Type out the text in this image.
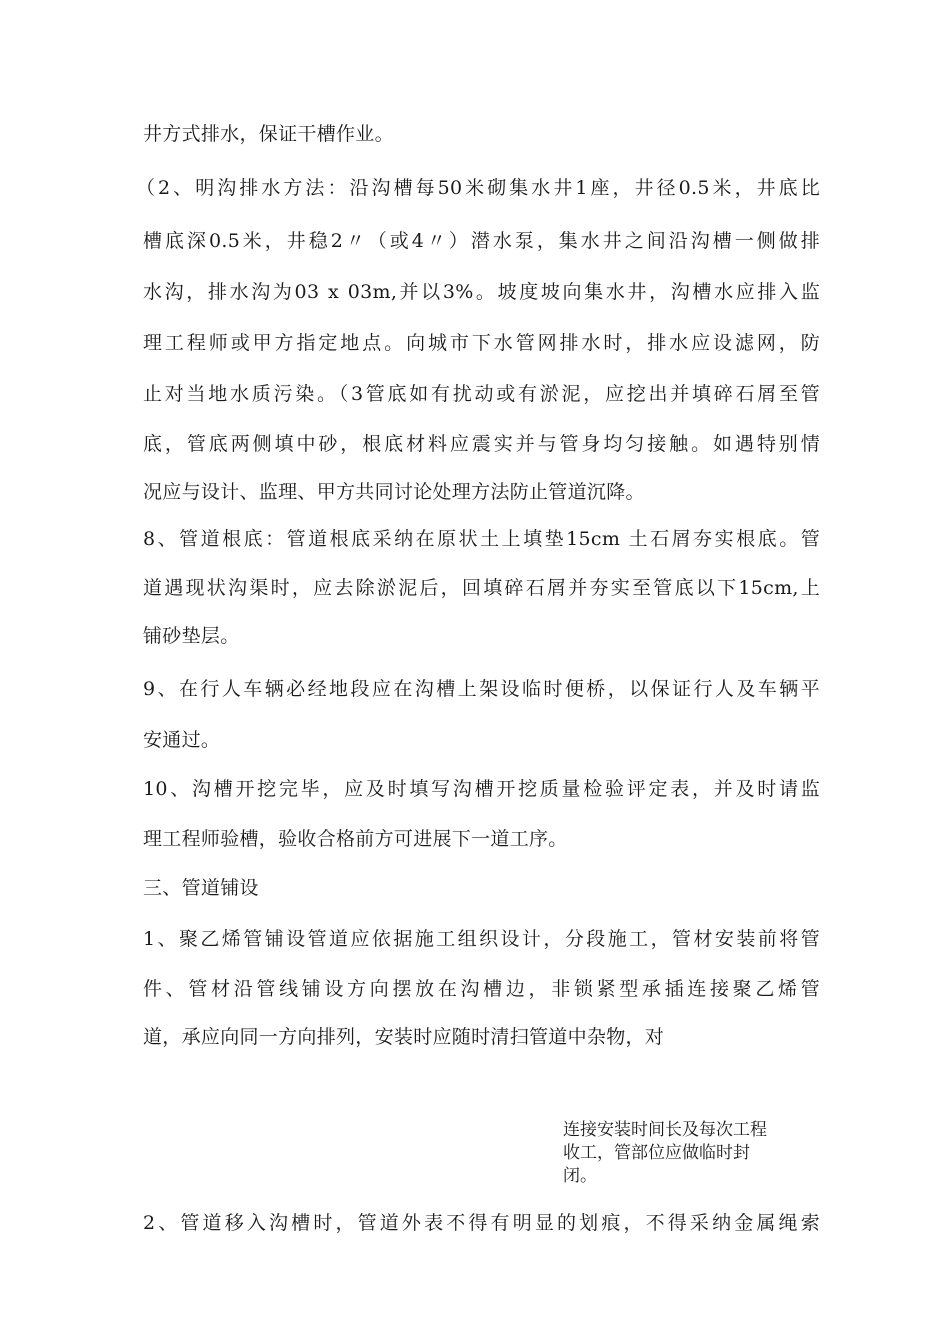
井方式排水，保证干槽作业。
（2、明沟排水方法：沿沟槽每50米砌集水井1座，井径0.5米，井底比
槽底深0.5米，井稳2〃（或4〃）潜水泵，集水井之间沿沟槽一侧做排
水沟，排水沟为03 x 03m,并以3%。坡度坡向集水井，沟槽水应排入监
理工程师或甲方指定地点。向城市下水管网排水时，排水应设滤网，防
止对当地水质污染。（3管底如有扰动或有淤泥，应挖出并填碎石屑至管
底，管底两侧填中砂，根底材料应震实并与管身均匀接触。如遇特别情
况应与设计、监理、甲方共同讨论处理方法防止管道沉降。
8、管道根底：管道根底采纳在原状土上填垫15cm 土石屑夯实根底。管
道遇现状沟渠时，应去除淤泥后，回填碎石屑并夯实至管底以下15cm,上
铺砂垫层。
9、在行人车辆必经地段应在沟槽上架设临时便桥，以保证行人及车辆平
安通过。
10、沟槽开挖完毕，应及时填写沟槽开挖质量检验评定表，并及时请监
理工程师验槽，验收合格前方可进展下一道工序。
三、管道铺设
1、聚乙烯管铺设管道应依据施工组织设计，分段施工，管材安装前将管
件、管材沿管线铺设方向摆放在沟槽边，非锁紧型承插连接聚乙烯管
道，承应向同一方向排列，安装时应随时清扫管道中杂物，对
连接安装时间长及每次工程
收工，管部位应做临时封
闭。
2、管道移入沟槽时，管道外表不得有明显的划痕，不得采纳金属绳索
